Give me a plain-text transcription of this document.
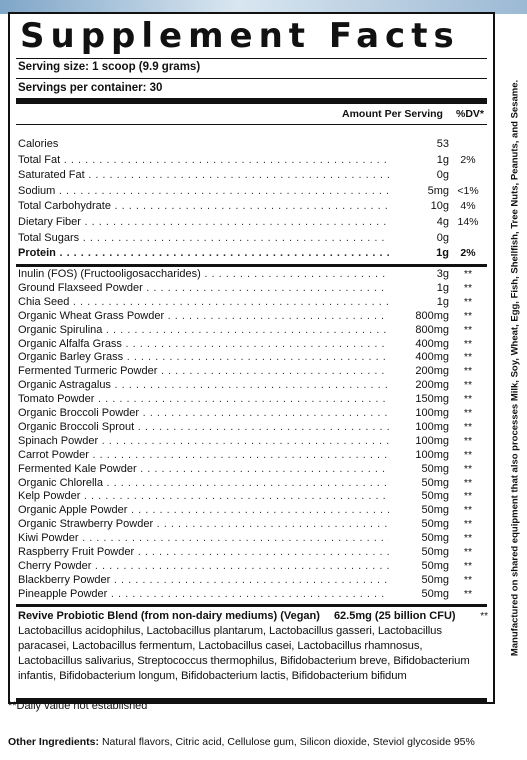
Supplement Facts
Serving size: 1 scoop (9.9 grams)
Servings per container: 30
Amount Per Serving %DV*
Calories	53
Total Fat . . .	1g	2%
Saturated Fat . . .	0g
Sodium . . .	5mg <1%
Total Carbohydrate . . .	10g	4%
Dietary Fiber . . .	4g 14%
Total Sugars . . .	0g
Protein . . .	1g	2%
Inulin (FOS) (Fructooligosaccharides) . . .	3g	**
Ground Flaxseed Powder . . .	1g	**
Chia Seed . . .	1g	**
Organic Wheat Grass Powder . . .	800mg	**
Organic Spirulina . . .	800mg	**
Organic Alfalfa Grass . . .	400mg	**
Organic Barley Grass . . .	400mg	**
Fermented Turmeric Powder . . .	200mg	**
Organic Astragalus . . .	200mg	**
Tomato Powder . . .	150mg	**
Organic Broccoli Powder . . .	100mg	**
Organic Broccoli Sprout . . .	100mg	**
Spinach Powder . . .	100mg	**
Carrot Powder . . .	100mg	**
Fermented Kale Powder . . .	50mg	**
Organic Chlorella . . .	50mg	**
Kelp Powder . . .	50mg	**
Organic Apple Powder . . .	50mg	**
Organic Strawberry Powder . . .	50mg	**
Kiwi Powder . . .	50mg	**
Raspberry Fruit Powder . . .	50mg	**
Cherry Powder . . .	50mg	**
Blackberry Powder . . .	50mg	**
Pineapple Powder . . .	50mg	**
Revive Probiotic Blend (from non-dairy mediums) (Vegan) 62.5mg (25 billion CFU)	**
Lactobacillus acidophilus, Lactobacillus plantarum, Lactobacillus gasseri, Lactobacillus paracasei, Lactobacillus fermentum, Lactobacillus casei, Lactobacillus rhamnosus, Lactobacillus salivarius, Streptococcus thermophilus, Bifidobacterium breve, Bifidobacterium infantis, Bifidobacterium longum, Bifidobacterium lactis, Bifidobacterium bifidum
**Daily value not established
Other Ingredients: Natural flavors, Citric acid, Cellulose gum, Silicon dioxide, Steviol glycoside 95%
Manufactured on shared equipment that also processes Milk, Soy, Wheat, Egg, Fish, Shellfish, Tree Nuts, Peanuts, and Sesame.
